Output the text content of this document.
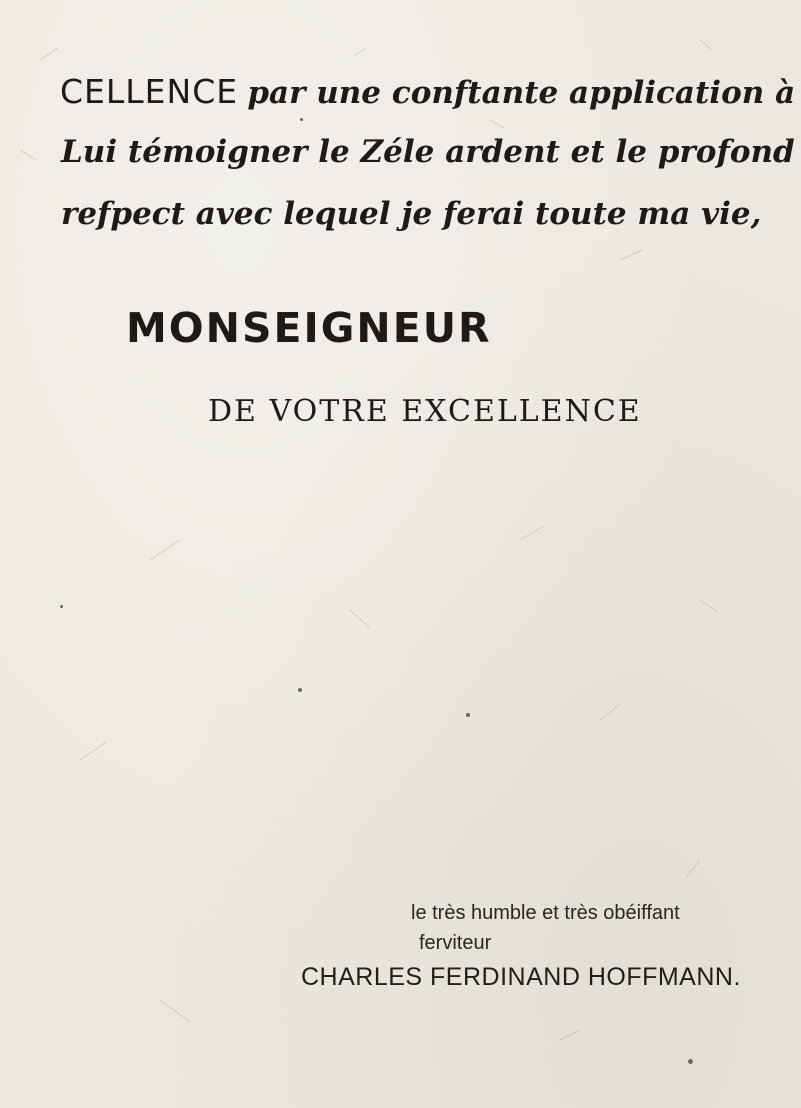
CELLENCE par une conftante application à

Lui témoigner le Zéle ardent et le profond

refpect avec lequel je ferai toute ma vie,

MONSEIGNEUR

DE VOTRE EXCELLENCE

le très humble et très obéiffant

ferviteur

CHARLES FERDINAND HOFFMANN.
